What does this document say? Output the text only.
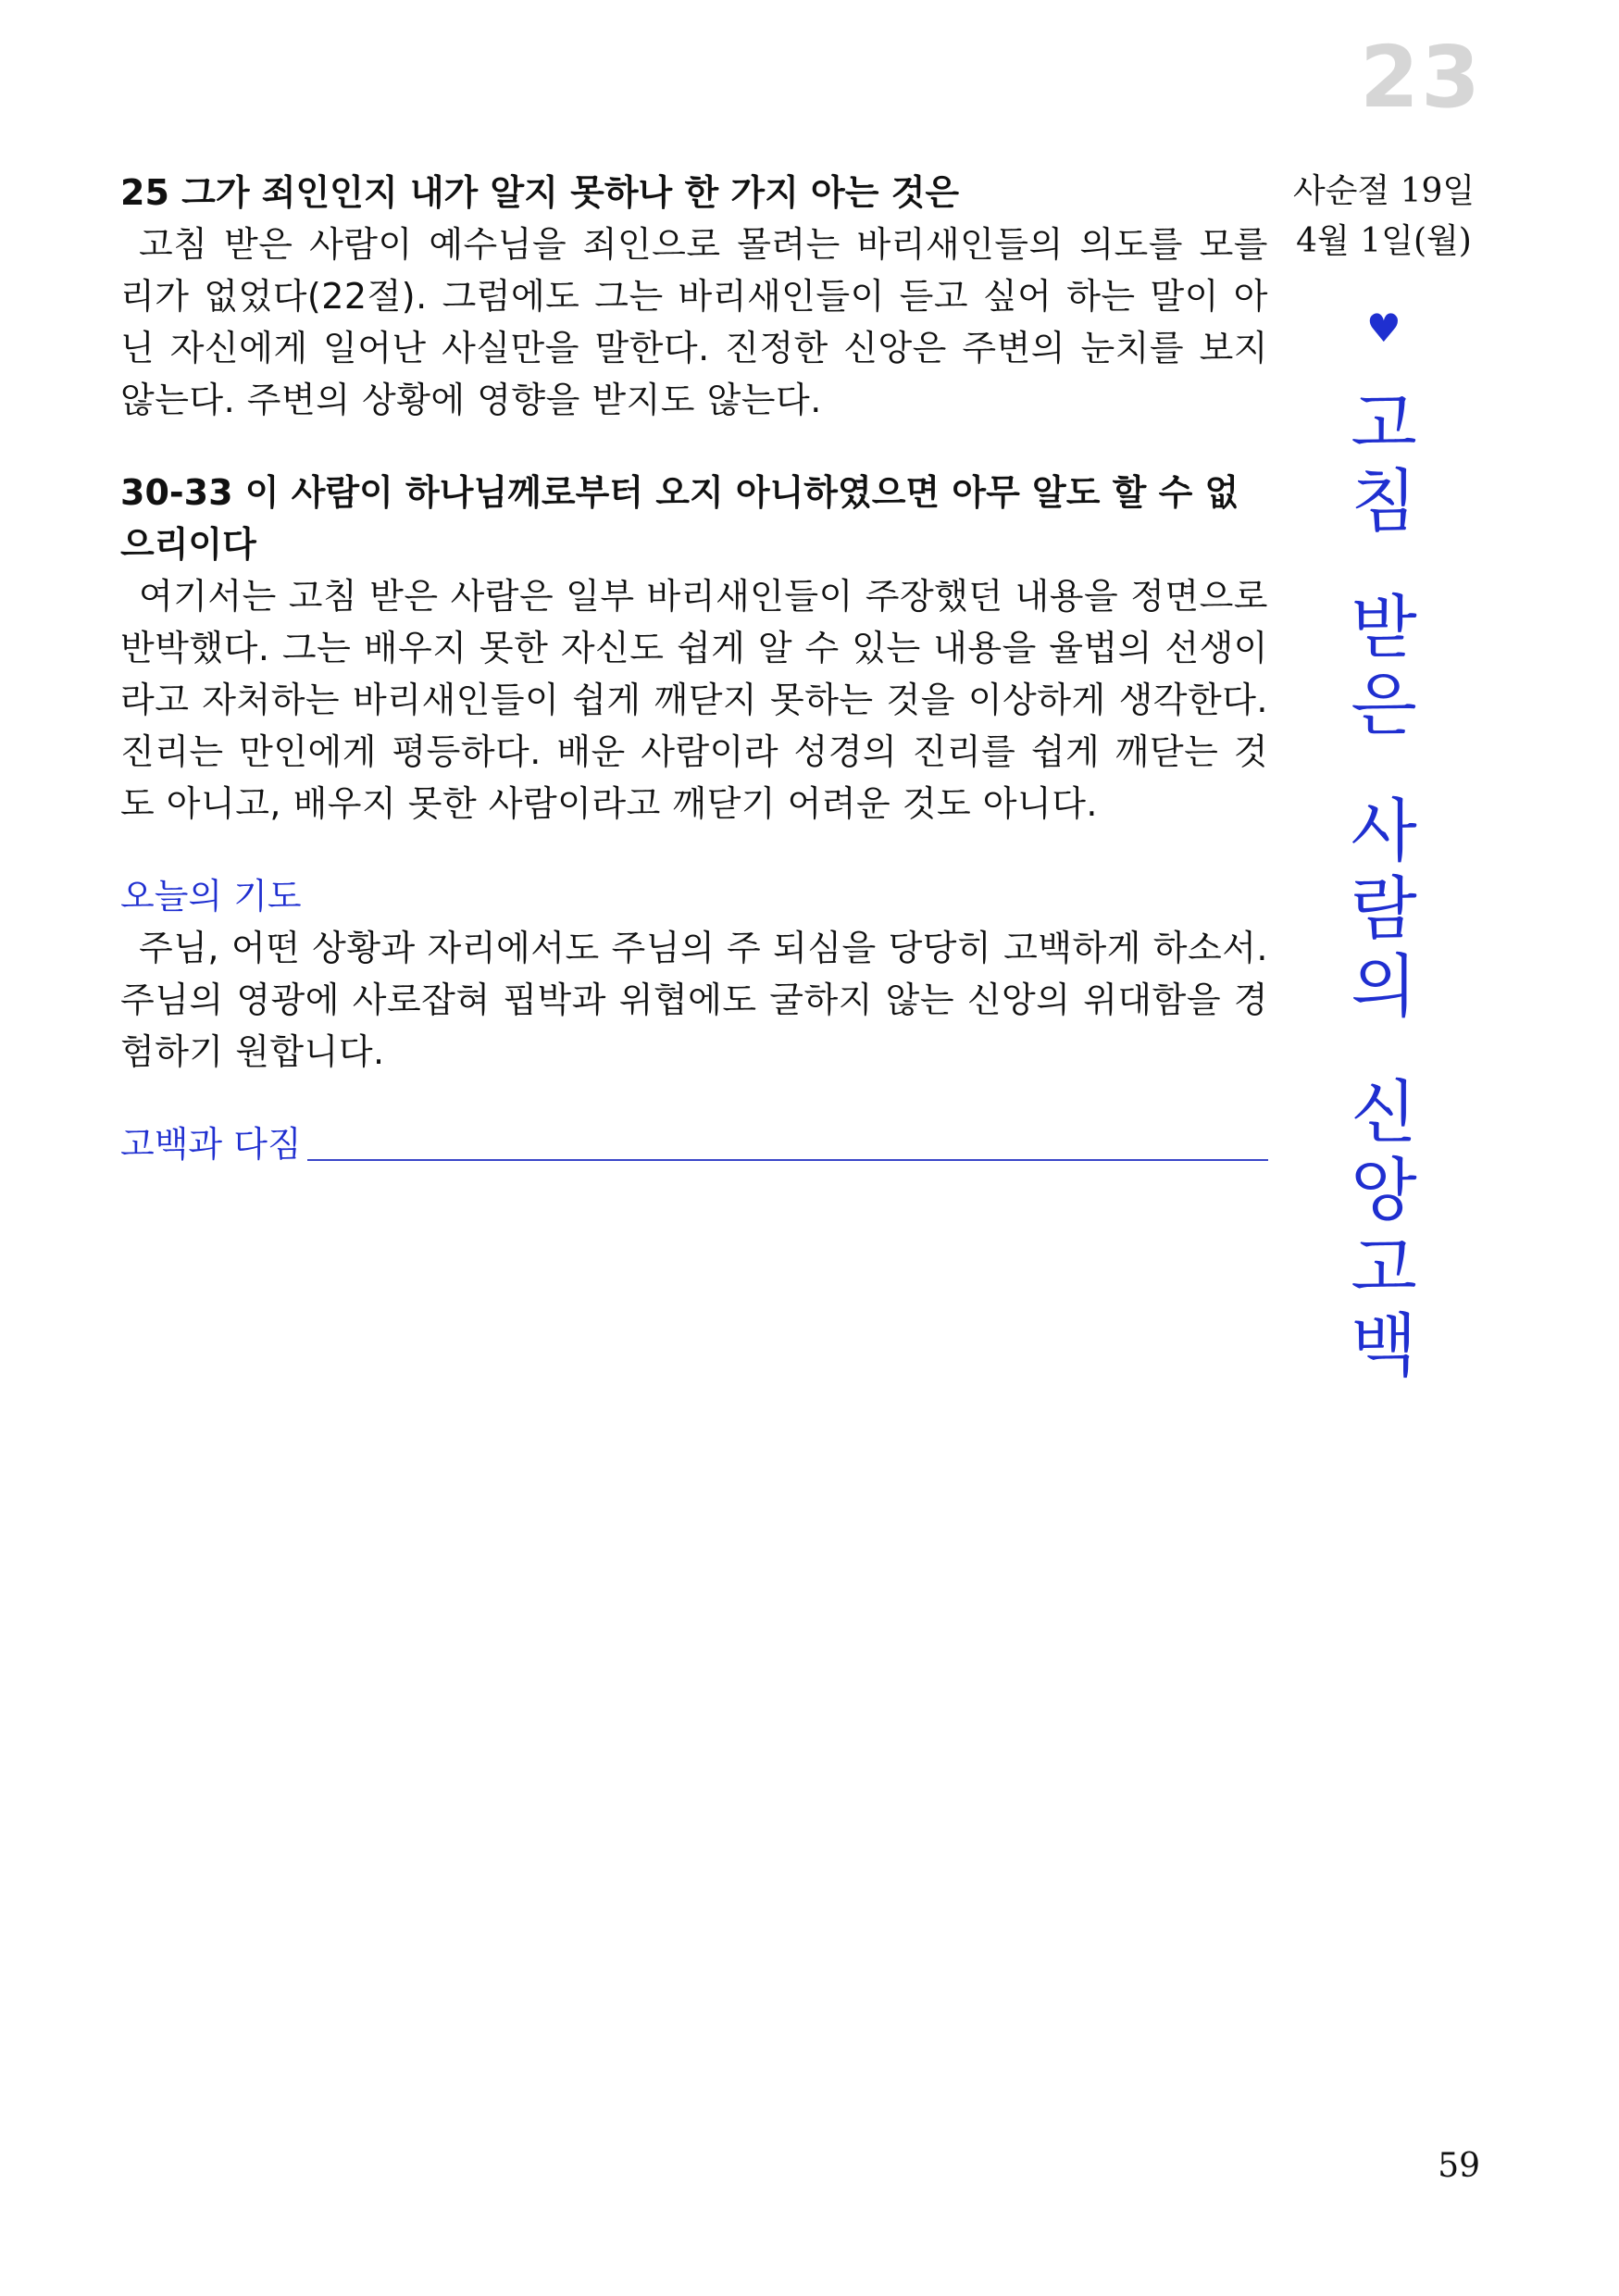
23

25 그가 죄인인지 내가 알지 못하나 한 가지 아는 것은

고침 받은 사람이 예수님을 죄인으로 몰려는 바리새인들의 의도를 모를 리가 없었다(22절). 그럼에도 그는 바리새인들이 듣고 싶어 하는 말이 아닌 자신에게 일어난 사실만을 말한다. 진정한 신앙은 주변의 눈치를 보지 않는다. 주변의 상황에 영향을 받지도 않는다.

30-33 이 사람이 하나님께로부터 오지 아니하였으면 아무 알도 할 수 없으리이다

여기서는 고침 받은 사람은 일부 바리새인들이 주장했던 내용을 정면으로 반박했다. 그는 배우지 못한 자신도 쉽게 알 수 있는 내용을 율법의 선생이라고 자처하는 바리새인들이 쉽게 깨닫지 못하는 것을 이상하게 생각한다. 진리는 만인에게 평등하다. 배운 사람이라 성경의 진리를 쉽게 깨닫는 것도 아니고, 배우지 못한 사람이라고 깨닫기 어려운 것도 아니다.

오늘의 기도

주님, 어떤 상황과 자리에서도 주님의 주 되심을 당당히 고백하게 하소서. 주님의 영광에 사로잡혀 핍박과 위협에도 굴하지 않는 신앙의 위대함을 경험하기 원합니다.

고백과 다짐
사순절 19일
4월 1일(월)
♥
고
침
받
은
사
람
의
신
앙
고
백
59
